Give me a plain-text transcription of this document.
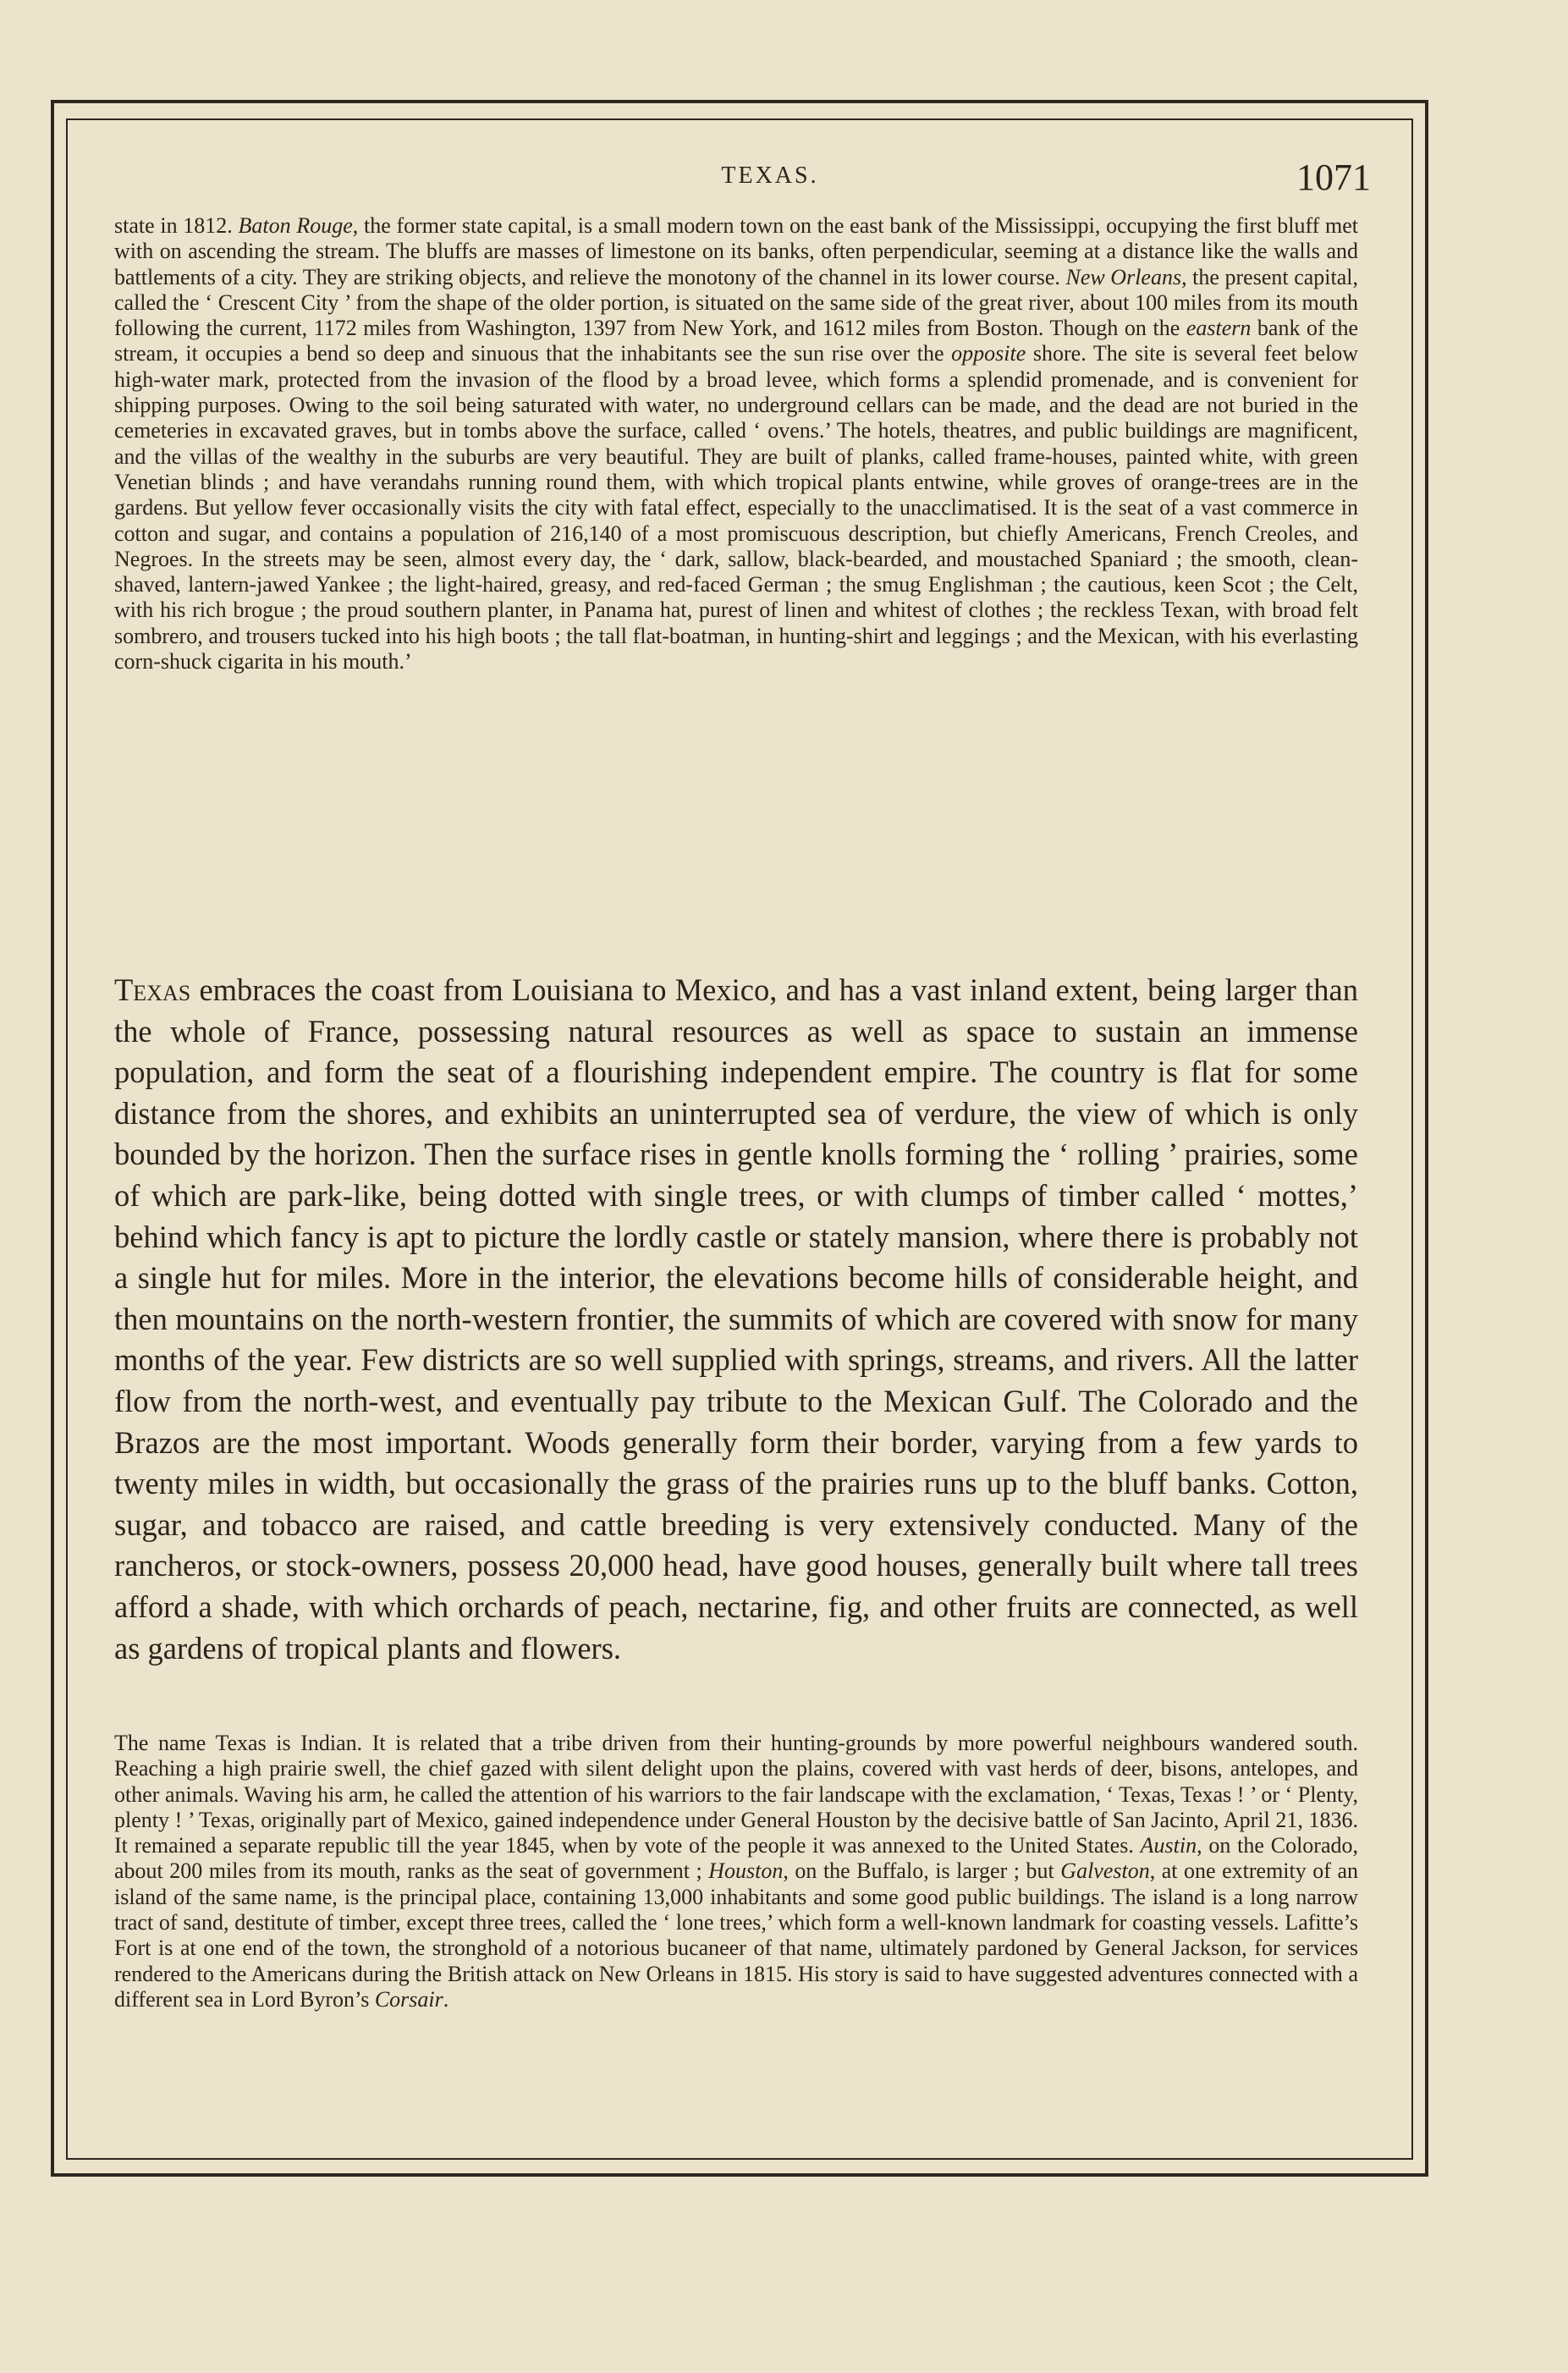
TEXAS.	1071

state in 1812. Baton Rouge, the former state capital, is a small modern town on the east bank of the Mississippi, occupying the first bluff met with on ascending the stream. The bluffs are masses of limestone on its banks, often perpendicular, seeming at a distance like the walls and battlements of a city. They are striking objects, and relieve the monotony of the channel in its lower course. New Orleans, the present capital, called the ‘ Crescent City ’ from the shape of the older portion, is situated on the same side of the great river, about 100 miles from its mouth following the current, 1172 miles from Washington, 1397 from New York, and 1612 miles from Boston. Though on the eastern bank of the stream, it occupies a bend so deep and sinuous that the inhabitants see the sun rise over the opposite shore. The site is several feet below high-water mark, protected from the invasion of the flood by a broad levee, which forms a splendid promenade, and is convenient for shipping purposes. Owing to the soil being saturated with water, no underground cellars can be made, and the dead are not buried in the cemeteries in excavated graves, but in tombs above the surface, called ‘ ovens.’ The hotels, theatres, and public buildings are magnificent, and the villas of the wealthy in the suburbs are very beautiful. They are built of planks, called frame-houses, painted white, with green Venetian blinds ; and have verandahs running round them, with which tropical plants entwine, while groves of orange-trees are in the gardens. But yellow fever occasionally visits the city with fatal effect, especially to the unacclimatised. It is the seat of a vast commerce in cotton and sugar, and contains a population of 216,140 of a most promiscuous description, but chiefly Americans, French Creoles, and Negroes. In the streets may be seen, almost every day, the ‘ dark, sallow, black-bearded, and moustached Spaniard ; the smooth, clean-shaved, lantern-jawed Yankee ; the light-haired, greasy, and red-faced German ; the smug Englishman ; the cautious, keen Scot ; the Celt, with his rich brogue ; the proud southern planter, in Panama hat, purest of linen and whitest of clothes ; the reckless Texan, with broad felt sombrero, and trousers tucked into his high boots ; the tall flat-boatman, in hunting-shirt and leggings ; and the Mexican, with his everlasting corn-shuck cigarita in his mouth.’

Texas embraces the coast from Louisiana to Mexico, and has a vast inland extent, being larger than the whole of France, possessing natural resources as well as space to sustain an immense population, and form the seat of a flourishing independent empire. The country is flat for some distance from the shores, and exhibits an uninterrupted sea of verdure, the view of which is only bounded by the horizon. Then the surface rises in gentle knolls forming the ‘ rolling ’ prairies, some of which are park-like, being dotted with single trees, or with clumps of timber called ‘ mottes,’ behind which fancy is apt to picture the lordly castle or stately mansion, where there is probably not a single hut for miles. More in the interior, the elevations become hills of considerable height, and then mountains on the north-western frontier, the summits of which are covered with snow for many months of the year. Few districts are so well supplied with springs, streams, and rivers. All the latter flow from the north-west, and eventually pay tribute to the Mexican Gulf. The Colorado and the Brazos are the most important. Woods generally form their border, varying from a few yards to twenty miles in width, but occasionally the grass of the prairies runs up to the bluff banks. Cotton, sugar, and tobacco are raised, and cattle breeding is very extensively conducted. Many of the rancheros, or stock-owners, possess 20,000 head, have good houses, generally built where tall trees afford a shade, with which orchards of peach, nectarine, fig, and other fruits are connected, as well as gardens of tropical plants and flowers.

The name Texas is Indian. It is related that a tribe driven from their hunting-grounds by more powerful neighbours wandered south. Reaching a high prairie swell, the chief gazed with silent delight upon the plains, covered with vast herds of deer, bisons, antelopes, and other animals. Waving his arm, he called the attention of his warriors to the fair landscape with the exclamation, ‘ Texas, Texas ! ’ or ‘ Plenty, plenty ! ’ Texas, originally part of Mexico, gained independence under General Houston by the decisive battle of San Jacinto, April 21, 1836. It remained a separate republic till the year 1845, when by vote of the people it was annexed to the United States. Austin, on the Colorado, about 200 miles from its mouth, ranks as the seat of government ; Houston, on the Buffalo, is larger ; but Galveston, at one extremity of an island of the same name, is the principal place, containing 13,000 inhabitants and some good public buildings. The island is a long narrow tract of sand, destitute of timber, except three trees, called the ‘ lone trees,’ which form a well-known landmark for coasting vessels. Lafitte’s Fort is at one end of the town, the stronghold of a notorious bucaneer of that name, ultimately pardoned by General Jackson, for services rendered to the Americans during the British attack on New Orleans in 1815. His story is said to have suggested adventures connected with a different sea in Lord Byron’s Corsair.
